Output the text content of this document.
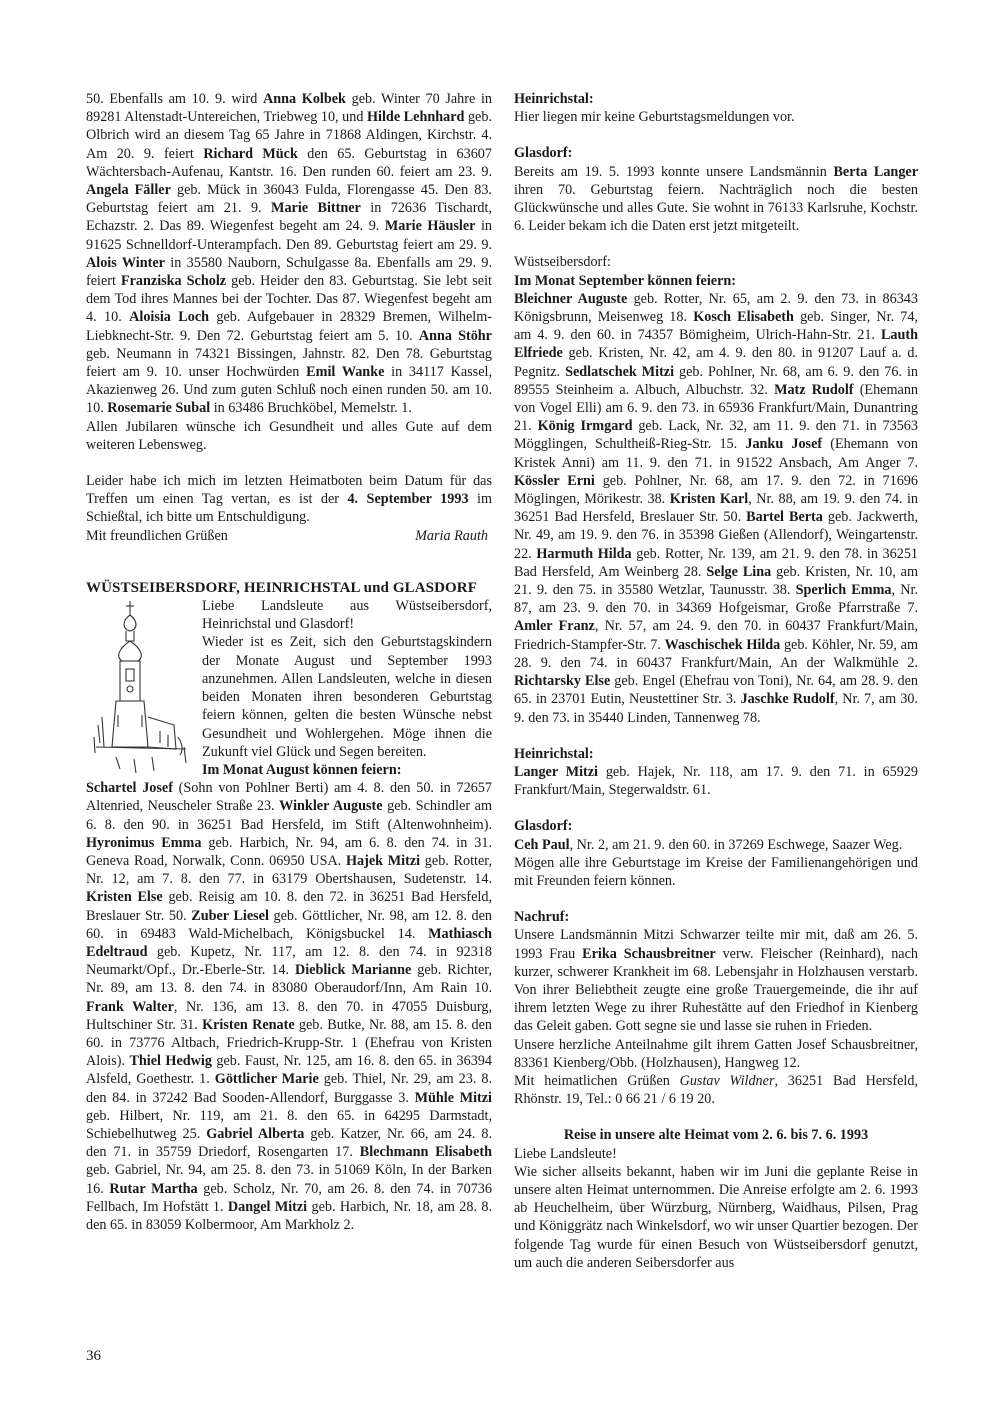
50. Ebenfalls am 10. 9. wird Anna Kolbek geb. Winter 70 Jahre in 89281 Altenstadt-Untereichen, Triebweg 10, und Hilde Lehnhard geb. Olbrich wird an diesem Tag 65 Jahre in 71868 Aldingen, Kirchstr. 4. Am 20. 9. feiert Richard Mück den 65. Geburtstag in 63607 Wächtersbach-Aufenau, Kantstr. 16. Den runden 60. feiert am 23. 9. Angela Fäller geb. Mück in 36043 Fulda, Florengasse 45. Den 83. Geburtstag feiert am 21. 9. Marie Bittner in 72636 Tischardt, Echazstr. 2. Das 89. Wiegenfest begeht am 24. 9. Marie Häusler in 91625 Schnelldorf-Unterampfach. Den 89. Geburtstag feiert am 29. 9. Alois Winter in 35580 Nauborn, Schulgasse 8a. Ebenfalls am 29. 9. feiert Franziska Scholz geb. Heider den 83. Geburtstag. Sie lebt seit dem Tod ihres Mannes bei der Tochter. Das 87. Wiegenfest begeht am 4. 10. Aloisia Loch geb. Aufgebauer in 28329 Bremen, Wilhelm-Liebknecht-Str. 9. Den 72. Geburtstag feiert am 5. 10. Anna Stöhr geb. Neumann in 74321 Bissingen, Jahnstr. 82. Den 78. Geburtstag feiert am 9. 10. unser Hochwürden Emil Wanke in 34117 Kassel, Akazienweg 26. Und zum guten Schluß noch einen runden 50. am 10. 10. Rosemarie Subal in 63486 Bruchköbel, Memelstr. 1.

Allen Jubilaren wünsche ich Gesundheit und alles Gute auf dem weiteren Lebensweg.

Leider habe ich mich im letzten Heimatboten beim Datum für das Treffen um einen Tag vertan, es ist der 4. September 1993 im Schießtal, ich bitte um Entschuldigung.

Mit freundlichen Grüßen	Maria Rauth

WÜSTSEIBERSDORF, HEINRICHSTAL und GLASDORF

Liebe Landsleute aus Wüstseibersdorf, Heinrichstal und Glasdorf!

Wieder ist es Zeit, sich den Geburtstagskindern der Monate August und September 1993 anzunehmen. Allen Landsleuten, welche in diesen beiden Monaten ihren besonderen Geburtstag feiern können, gelten die besten Wünsche nebst Gesundheit und Wohlergehen. Möge ihnen die Zukunft viel Glück und Segen bereiten.

Im Monat August können feiern:

Schartel Josef (Sohn von Pohlner Berti) am 4. 8. den 50. in 72657 Altenried, Neuscheler Straße 23. Winkler Auguste geb. Schindler am 6. 8. den 90. in 36251 Bad Hersfeld, im Stift (Altenwohnheim). Hyronimus Emma geb. Harbich, Nr. 94, am 6. 8. den 74. in 31. Geneva Road, Norwalk, Conn. 06950 USA. Hajek Mitzi geb. Rotter, Nr. 12, am 7. 8. den 77. in 63179 Obertshausen, Sudetenstr. 14. Kristen Else geb. Reisig am 10. 8. den 72. in 36251 Bad Hersfeld, Breslauer Str. 50. Zuber Liesel geb. Göttlicher, Nr. 98, am 12. 8. den 60. in 69483 Wald-Michelbach, Königsbuckel 14. Mathiasch Edeltraud geb. Kupetz, Nr. 117, am 12. 8. den 74. in 92318 Neumarkt/Opf., Dr.-Eberle-Str. 14. Dieblick Marianne geb. Richter, Nr. 89, am 13. 8. den 74. in 83080 Oberaudorf/Inn, Am Rain 10. Frank Walter, Nr. 136, am 13. 8. den 70. in 47055 Duisburg, Hultschiner Str. 31. Kristen Renate geb. Butke, Nr. 88, am 15. 8. den 60. in 73776 Altbach, Friedrich-Krupp-Str. 1 (Ehefrau von Kristen Alois). Thiel Hedwig geb. Faust, Nr. 125, am 16. 8. den 65. in 36394 Alsfeld, Goethestr. 1. Göttlicher Marie geb. Thiel, Nr. 29, am 23. 8. den 84. in 37242 Bad Sooden-Allendorf, Burggasse 3. Mühle Mitzi geb. Hilbert, Nr. 119, am 21. 8. den 65. in 64295 Darmstadt, Schiebelhutweg 25. Gabriel Alberta geb. Katzer, Nr. 66, am 24. 8. den 71. in 35759 Driedorf, Rosengarten 17. Blechmann Elisabeth geb. Gabriel, Nr. 94, am 25. 8. den 73. in 51069 Köln, In der Barken 16. Rutar Martha geb. Scholz, Nr. 70, am 26. 8. den 74. in 70736 Fellbach, Im Hofstätt 1. Dangel Mitzi geb. Harbich, Nr. 18, am 28. 8. den 65. in 83059 Kolbermoor, Am Markholz 2.

Heinrichstal:

Hier liegen mir keine Geburtstagsmeldungen vor.

Glasdorf:

Bereits am 19. 5. 1993 konnte unsere Landsmännin Berta Langer ihren 70. Geburtstag feiern. Nachträglich noch die besten Glückwünsche und alles Gute. Sie wohnt in 76133 Karlsruhe, Kochstr. 6. Leider bekam ich die Daten erst jetzt mitgeteilt.

Wüstseibersdorf:

Im Monat September können feiern:

Bleichner Auguste geb. Rotter, Nr. 65, am 2. 9. den 73. in 86343 Königsbrunn, Meisenweg 18. Kosch Elisabeth geb. Singer, Nr. 74, am 4. 9. den 60. in 74357 Bömigheim, Ulrich-Hahn-Str. 21. Lauth Elfriede geb. Kristen, Nr. 42, am 4. 9. den 80. in 91207 Lauf a. d. Pegnitz. Sedlatschek Mitzi geb. Pohlner, Nr. 68, am 6. 9. den 76. in 89555 Steinheim a. Albuch, Albuchstr. 32. Matz Rudolf (Ehemann von Vogel Elli) am 6. 9. den 73. in 65936 Frankfurt/Main, Dunantring 21. König Irmgard geb. Lack, Nr. 32, am 11. 9. den 71. in 73563 Mögglingen, Schultheiß-Rieg-Str. 15. Janku Josef (Ehemann von Kristek Anni) am 11. 9. den 71. in 91522 Ansbach, Am Anger 7. Kössler Erni geb. Pohlner, Nr. 68, am 17. 9. den 72. in 71696 Möglingen, Mörikestr. 38. Kristen Karl, Nr. 88, am 19. 9. den 74. in 36251 Bad Hersfeld, Breslauer Str. 50. Bartel Berta geb. Jackwerth, Nr. 49, am 19. 9. den 76. in 35398 Gießen (Allendorf), Weingartenstr. 22. Harmuth Hilda geb. Rotter, Nr. 139, am 21. 9. den 78. in 36251 Bad Hersfeld, Am Weinberg 28. Selge Lina geb. Kristen, Nr. 10, am 21. 9. den 75. in 35580 Wetzlar, Taunusstr. 38. Sperlich Emma, Nr. 87, am 23. 9. den 70. in 34369 Hofgeismar, Große Pfarrstraße 7. Amler Franz, Nr. 57, am 24. 9. den 70. in 60437 Frankfurt/Main, Friedrich-Stampfer-Str. 7. Waschischek Hilda geb. Köhler, Nr. 59, am 28. 9. den 74. in 60437 Frankfurt/Main, An der Walkmühle 2. Richtarsky Else geb. Engel (Ehefrau von Toni), Nr. 64, am 28. 9. den 65. in 23701 Eutin, Neustettiner Str. 3. Jaschke Rudolf, Nr. 7, am 30. 9. den 73. in 35440 Linden, Tannenweg 78.

Heinrichstal:

Langer Mitzi geb. Hajek, Nr. 118, am 17. 9. den 71. in 65929 Frankfurt/Main, Stegerwaldstr. 61.

Glasdorf:

Ceh Paul, Nr. 2, am 21. 9. den 60. in 37269 Eschwege, Saazer Weg.

Mögen alle ihre Geburtstage im Kreise der Familienangehörigen und mit Freunden feiern können.

Nachruf:

Unsere Landsmännin Mitzi Schwarzer teilte mir mit, daß am 26. 5. 1993 Frau Erika Schausbreitner verw. Fleischer (Reinhard), nach kurzer, schwerer Krankheit im 68. Lebensjahr in Holzhausen verstarb. Von ihrer Beliebtheit zeugte eine große Trauergemeinde, die ihr auf ihrem letzten Wege zu ihrer Ruhestätte auf den Friedhof in Kienberg das Geleit gaben. Gott segne sie und lasse sie ruhen in Frieden.

Unsere herzliche Anteilnahme gilt ihrem Gatten Josef Schausbreitner, 83361 Kienberg/Obb. (Holzhausen), Hangweg 12.

Mit heimatlichen Grüßen Gustav Wildner, 36251 Bad Hersfeld, Rhönstr. 19, Tel.: 0 66 21 / 6 19 20.

Reise in unsere alte Heimat vom 2. 6. bis 7. 6. 1993

Liebe Landsleute!

Wie sicher allseits bekannt, haben wir im Juni die geplante Reise in unsere alten Heimat unternommen. Die Anreise erfolgte am 2. 6. 1993 ab Heuchelheim, über Würzburg, Nürnberg, Waidhaus, Pilsen, Prag und Königgrätz nach Winkelsdorf, wo wir unser Quartier bezogen. Der folgende Tag wurde für einen Besuch von Wüstseibersdorf genutzt, um auch die anderen Seibersdorfer aus

36
